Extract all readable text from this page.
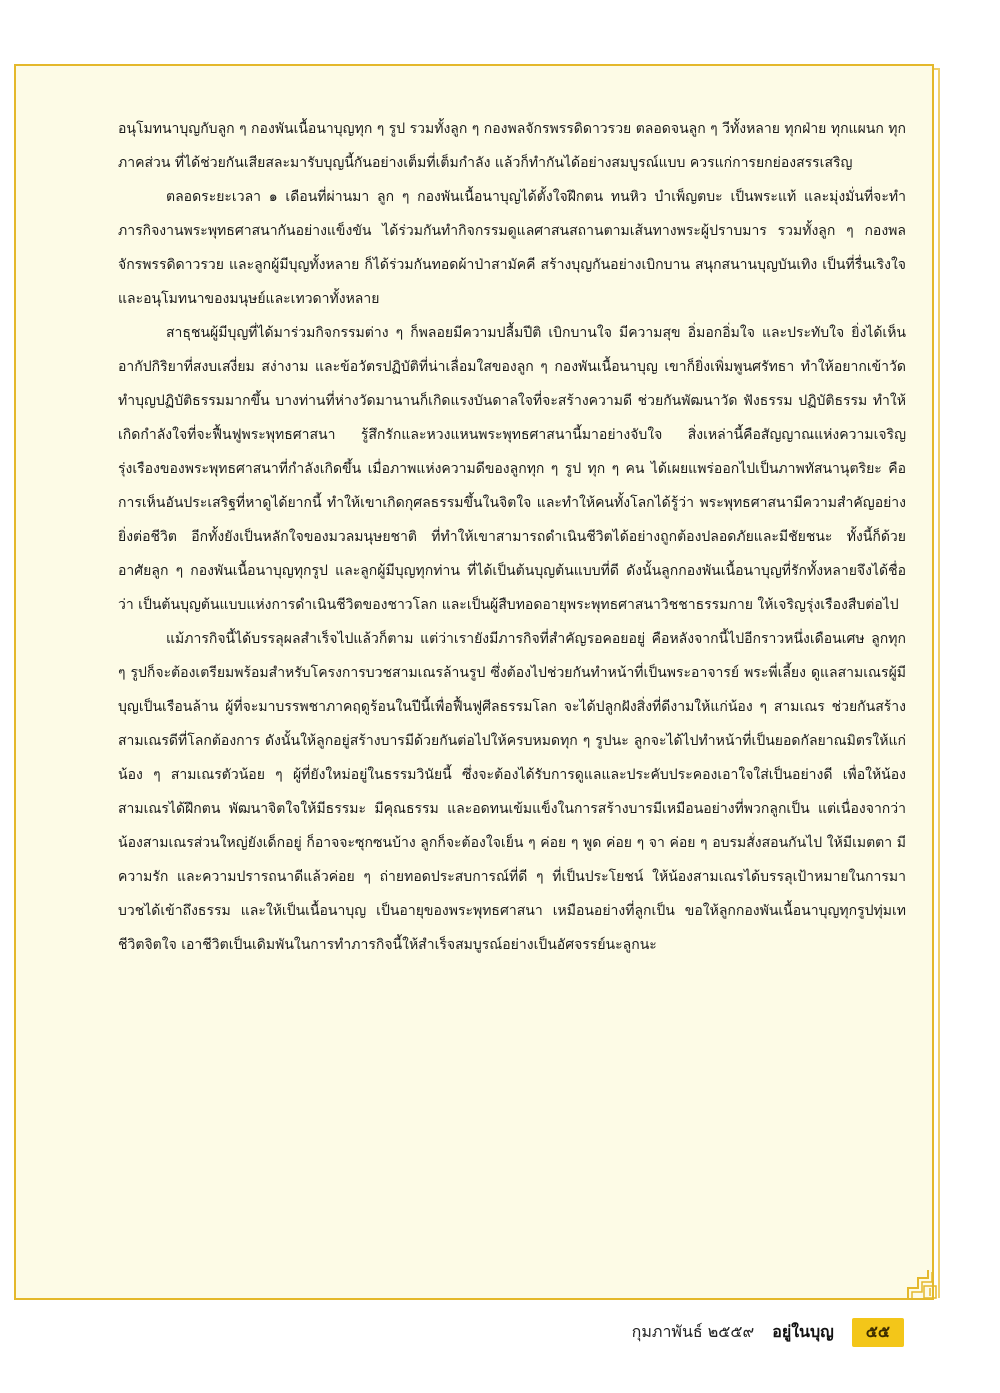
อนุโมทนาบุญกับลูก ๆ กองพันเนื้อนาบุญทุก ๆ รูป รวมทั้งลูก ๆ กองพลจักรพรรดิดาวรวย ตลอดจนลูก ๆ วีทั้งหลาย ทุกฝ่าย ทุกแผนก ทุกภาคส่วน ที่ได้ช่วยกันเสียสละมารับบุญนี้กันอย่างเต็มที่เต็มกำลัง แล้วก็ทำกันได้อย่างสมบูรณ์แบบ ควรแก่การยกย่องสรรเสริญ

ตลอดระยะเวลา ๑ เดือนที่ผ่านมา ลูก ๆ กองพันเนื้อนาบุญได้ตั้งใจฝึกตน ทนหิว บำเพ็ญตบะ เป็นพระแท้ และมุ่งมั่นที่จะทำภารกิจงานพระพุทธศาสนากันอย่างแข็งขัน ได้ร่วมกันทำกิจกรรมดูแลศาสนสถานตามเส้นทางพระผู้ปราบมาร รวมทั้งลูก ๆ กองพลจักรพรรดิดาวรวย และลูกผู้มีบุญทั้งหลาย ก็ได้ร่วมกันทอดผ้าป่าสามัคคี สร้างบุญกันอย่างเบิกบาน สนุกสนานบุญบันเทิง เป็นที่รื่นเริงใจและอนุโมทนาของมนุษย์และเทวดาทั้งหลาย

สาธุชนผู้มีบุญที่ได้มาร่วมกิจกรรมต่าง ๆ ก็พลอยมีความปลื้มปีติ เบิกบานใจ มีความสุข อิ่มอกอิ่มใจ และประทับใจ ยิ่งได้เห็นอากัปกิริยาที่สงบเสงี่ยม สง่างาม และข้อวัตรปฏิบัติที่น่าเลื่อมใสของลูก ๆ กองพันเนื้อนาบุญ เขาก็ยิ่งเพิ่มพูนศรัทธา ทำให้อยากเข้าวัดทำบุญปฏิบัติธรรมมากขึ้น บางท่านที่ห่างวัดมานานก็เกิดแรงบันดาลใจที่จะสร้างความดี ช่วยกันพัฒนาวัด ฟังธรรม ปฏิบัติธรรม ทำให้เกิดกำลังใจที่จะฟื้นฟูพระพุทธศาสนา รู้สึกรักและหวงแหนพระพุทธศาสนานี้มาอย่างจับใจ สิ่งเหล่านี้คือสัญญาณแห่งความเจริญรุ่งเรืองของพระพุทธศาสนาที่กำลังเกิดขึ้น เมื่อภาพแห่งความดีของลูกทุก ๆ รูป ทุก ๆ คน ได้เผยแพร่ออกไปเป็นภาพทัสนานุตริยะ คือ การเห็นอันประเสริฐที่หาดูได้ยากนี้ ทำให้เขาเกิดกุศลธรรมขึ้นในจิตใจ และทำให้คนทั้งโลกได้รู้ว่า พระพุทธศาสนามีความสำคัญอย่างยิ่งต่อชีวิต อีกทั้งยังเป็นหลักใจของมวลมนุษยชาติ ที่ทำให้เขาสามารถดำเนินชีวิตได้อย่างถูกต้องปลอดภัยและมีชัยชนะ ทั้งนี้ก็ด้วยอาศัยลูก ๆ กองพันเนื้อนาบุญทุกรูป และลูกผู้มีบุญทุกท่าน ที่ได้เป็นต้นบุญต้นแบบที่ดี ดังนั้นลูกกองพันเนื้อนาบุญที่รักทั้งหลายจึงได้ชื่อว่า เป็นต้นบุญต้นแบบแห่งการดำเนินชีวิตของชาวโลก และเป็นผู้สืบทอดอายุพระพุทธศาสนาวิชชาธรรมกาย ให้เจริญรุ่งเรืองสืบต่อไป

แม้ภารกิจนี้ได้บรรลุผลสำเร็จไปแล้วก็ตาม แต่ว่าเรายังมีภารกิจที่สำคัญรอคอยอยู่ คือหลังจากนี้ไปอีกราวหนึ่งเดือนเศษ ลูกทุก ๆ รูปก็จะต้องเตรียมพร้อมสำหรับโครงการบวชสามเณรล้านรูป ซึ่งต้องไปช่วยกันทำหน้าที่เป็นพระอาจารย์ พระพี่เลี้ยง ดูแลสามเณรผู้มีบุญเป็นเรือนล้าน ผู้ที่จะมาบรรพชาภาคฤดูร้อนในปีนี้เพื่อฟื้นฟูศีลธรรมโลก จะได้ปลูกฝังสิ่งที่ดีงามให้แก่น้อง ๆ สามเณร ช่วยกันสร้างสามเณรดีที่โลกต้องการ ดังนั้นให้ลูกอยู่สร้างบารมีด้วยกันต่อไปให้ครบหมดทุก ๆ รูปนะ ลูกจะได้ไปทำหน้าที่เป็นยอดกัลยาณมิตรให้แก่น้อง ๆ สามเณรตัวน้อย ๆ ผู้ที่ยังใหม่อยู่ในธรรมวินัยนี้ ซึ่งจะต้องได้รับการดูแลและประคับประคองเอาใจใส่เป็นอย่างดี เพื่อให้น้องสามเณรได้ฝึกตน พัฒนาจิตใจให้มีธรรมะ มีคุณธรรม และอดทนเข้มแข็งในการสร้างบารมีเหมือนอย่างที่พวกลูกเป็น แต่เนื่องจากว่าน้องสามเณรส่วนใหญ่ยังเด็กอยู่ ก็อาจจะซุกซนบ้าง ลูกก็จะต้องใจเย็น ๆ ค่อย ๆ พูด ค่อย ๆ จา ค่อย ๆ อบรมสั่งสอนกันไป ให้มีเมตตา มีความรัก และความปรารถนาดีแล้วค่อย ๆ ถ่ายทอดประสบการณ์ที่ดี ๆ ที่เป็นประโยชน์ ให้น้องสามเณรได้บรรลุเป้าหมายในการมาบวชได้เข้าถึงธรรม และให้เป็นเนื้อนาบุญ เป็นอายุของพระพุทธศาสนา เหมือนอย่างที่ลูกเป็น ขอให้ลูกกองพันเนื้อนาบุญทุกรูปทุ่มเทชีวิตจิตใจ เอาชีวิตเป็นเดิมพันในการทำภารกิจนี้ให้สำเร็จสมบูรณ์อย่างเป็นอัศจรรย์นะลูกนะ

กุมภาพันธ์ ๒๕๕๙ อยู่ในบุญ	๕๕
